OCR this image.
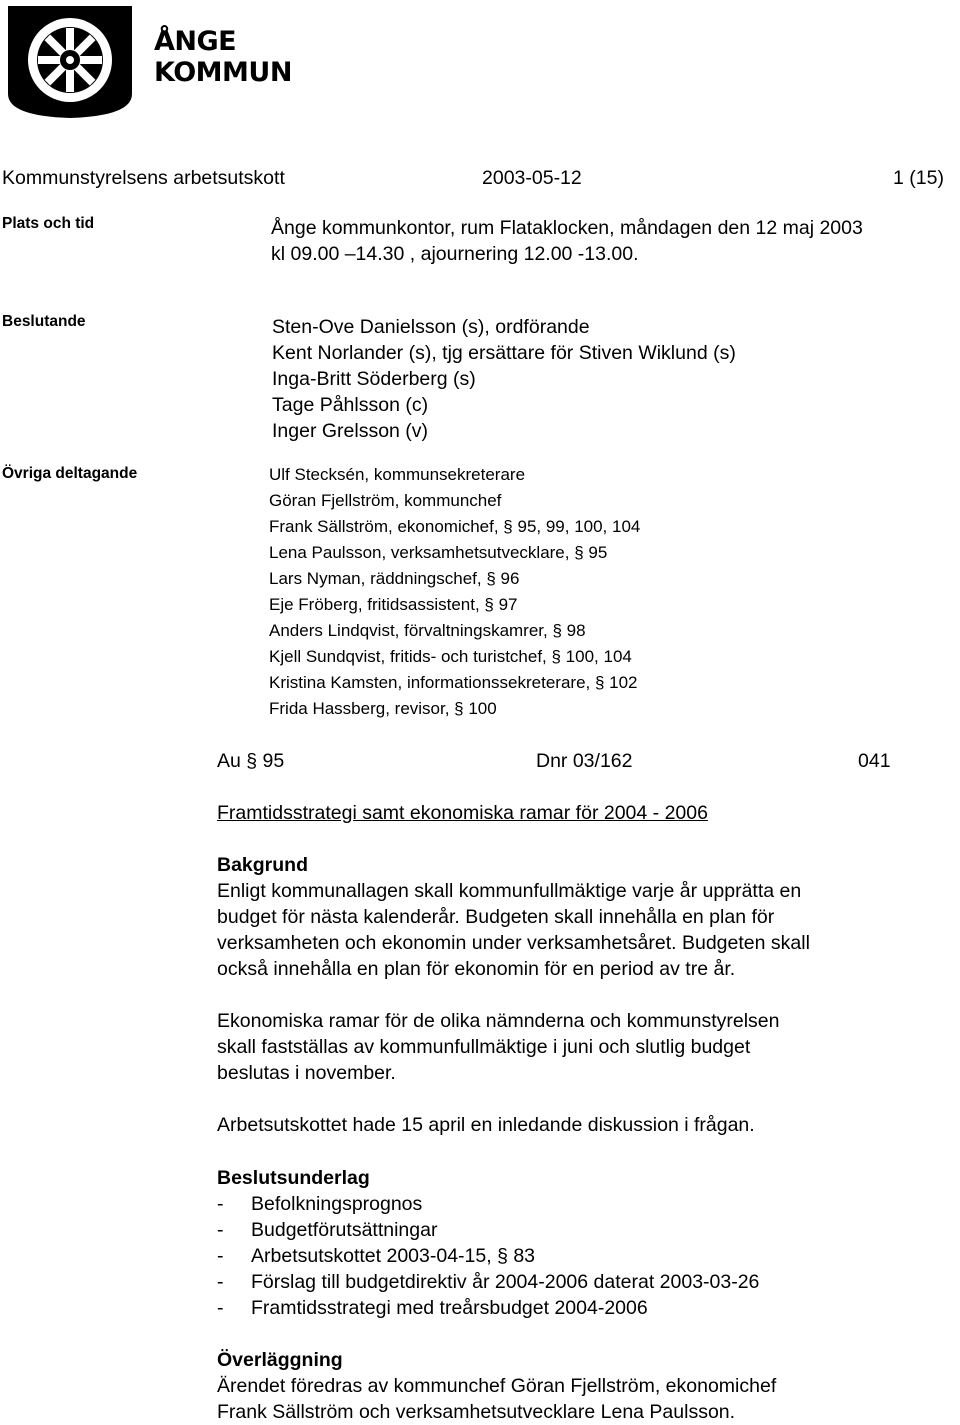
ÅNGE
KOMMUN
Kommunstyrelsens arbetsutskott	2003-05-12	1 (15)
Plats och tid	Ånge kommunkontor, rum Flataklocken, måndagen den 12 maj 2003
kl 09.00 –14.30 , ajournering 12.00 -13.00.
Beslutande	Sten-Ove Danielsson (s), ordförande
Kent Norlander (s), tjg ersättare för Stiven Wiklund (s)
Inga-Britt Söderberg (s)
Tage Påhlsson (c)
Inger Grelsson (v)
Övriga deltagande	Ulf Stecksén, kommunsekreterare
Göran Fjellström, kommunchef
Frank Sällström, ekonomichef, § 95, 99, 100, 104
Lena Paulsson, verksamhetsutvecklare, § 95
Lars Nyman, räddningschef, § 96
Eje Fröberg, fritidsassistent, § 97
Anders Lindqvist, förvaltningskamrer, § 98
Kjell Sundqvist, fritids- och turistchef, § 100, 104
Kristina Kamsten, informationssekreterare, § 102
Frida Hassberg, revisor, § 100
Au § 95	Dnr 03/162	041
Framtidsstrategi samt ekonomiska ramar för 2004 - 2006
Bakgrund
Enligt kommunallagen skall kommunfullmäktige varje år upprätta en
budget för nästa kalenderår. Budgeten skall innehålla en plan för
verksamheten och ekonomin under verksamhetsåret. Budgeten skall
också innehålla en plan för ekonomin för en period av tre år.
Ekonomiska ramar för de olika nämnderna och kommunstyrelsen
skall fastställas av kommunfullmäktige i juni och slutlig budget
beslutas i november.
Arbetsutskottet hade 15 april en inledande diskussion i frågan.
Beslutsunderlag
- Befolkningsprognos
- Budgetförutsättningar
- Arbetsutskottet 2003-04-15, § 83
- Förslag till budgetdirektiv år 2004-2006 daterat 2003-03-26
- Framtidsstrategi med treårsbudget 2004-2006
Överläggning
Ärendet föredras av kommunchef Göran Fjellström, ekonomichef
Frank Sällström och verksamhetsutvecklare Lena Paulsson.
